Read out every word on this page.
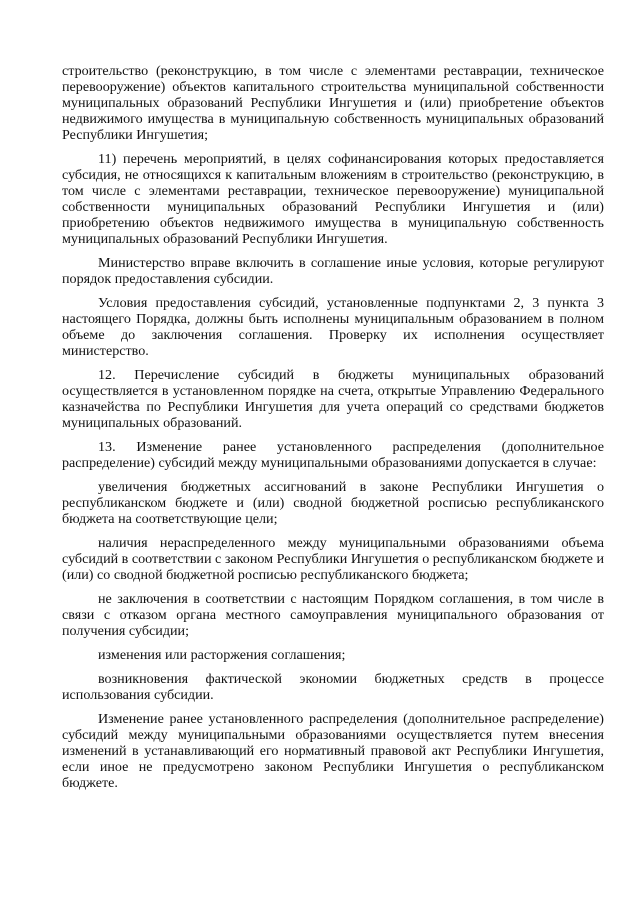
строительство (реконструкцию, в том числе с элементами реставрации, техническое перевооружение) объектов капитального строительства муниципальной собственности муниципальных образований Республики Ингушетия и (или) приобретение объектов недвижимого имущества в муниципальную собственность муниципальных образований Республики Ингушетия;

11) перечень мероприятий, в целях софинансирования которых предоставляется субсидия, не относящихся к капитальным вложениям в строительство (реконструкцию, в том числе с элементами реставрации, техническое перевооружение) муниципальной собственности муниципальных образований Республики Ингушетия и (или) приобретению объектов недвижимого имущества в муниципальную собственность муниципальных образований Республики Ингушетия.

Министерство вправе включить в соглашение иные условия, которые регулируют порядок предоставления субсидии.

Условия предоставления субсидий, установленные подпунктами 2, 3 пункта 3 настоящего Порядка, должны быть исполнены муниципальным образованием в полном объеме до заключения соглашения. Проверку их исполнения осуществляет министерство.

12. Перечисление субсидий в бюджеты муниципальных образований осуществляется в установленном порядке на счета, открытые Управлению Федерального казначейства по Республики Ингушетия для учета операций со средствами бюджетов муниципальных образований.

13. Изменение ранее установленного распределения (дополнительное распределение) субсидий между муниципальными образованиями допускается в случае:

увеличения бюджетных ассигнований в законе Республики Ингушетия о республиканском бюджете и (или) сводной бюджетной росписью республиканского бюджета на соответствующие цели;

наличия нераспределенного между муниципальными образованиями объема субсидий в соответствии с законом Республики Ингушетия о республиканском бюджете и (или) со сводной бюджетной росписью республиканского бюджета;

не заключения в соответствии с настоящим Порядком соглашения, в том числе в связи с отказом органа местного самоуправления муниципального образования от получения субсидии;

изменения или расторжения соглашения;

возникновения фактической экономии бюджетных средств в процессе использования субсидии.

Изменение ранее установленного распределения (дополнительное распределение) субсидий между муниципальными образованиями осуществляется путем внесения изменений в устанавливающий его нормативный правовой акт Республики Ингушетия, если иное не предусмотрено законом Республики Ингушетия о республиканском бюджете.
